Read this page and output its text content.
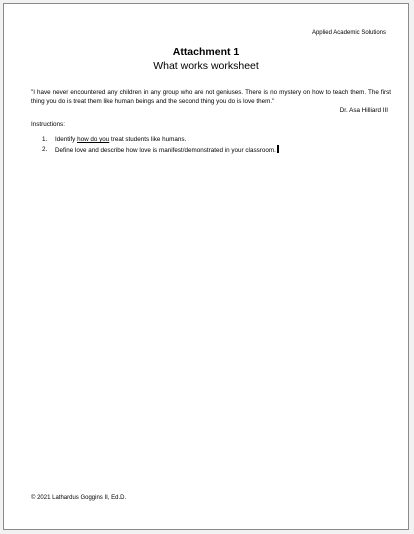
Applied Academic Solutions
Attachment 1
What works worksheet

"I have never encountered any children in any group who are not geniuses. There is no mystery on how to teach them. The first thing you do is treat them like human beings and the second thing you do is love them."

Dr. Asa Hilliard III
Instructions:
1. Identify how do you treat students like humans.
2. Define love and describe how love is manifest/demonstrated in your classroom.
© 2021 Lathardus Goggins II, Ed.D.
